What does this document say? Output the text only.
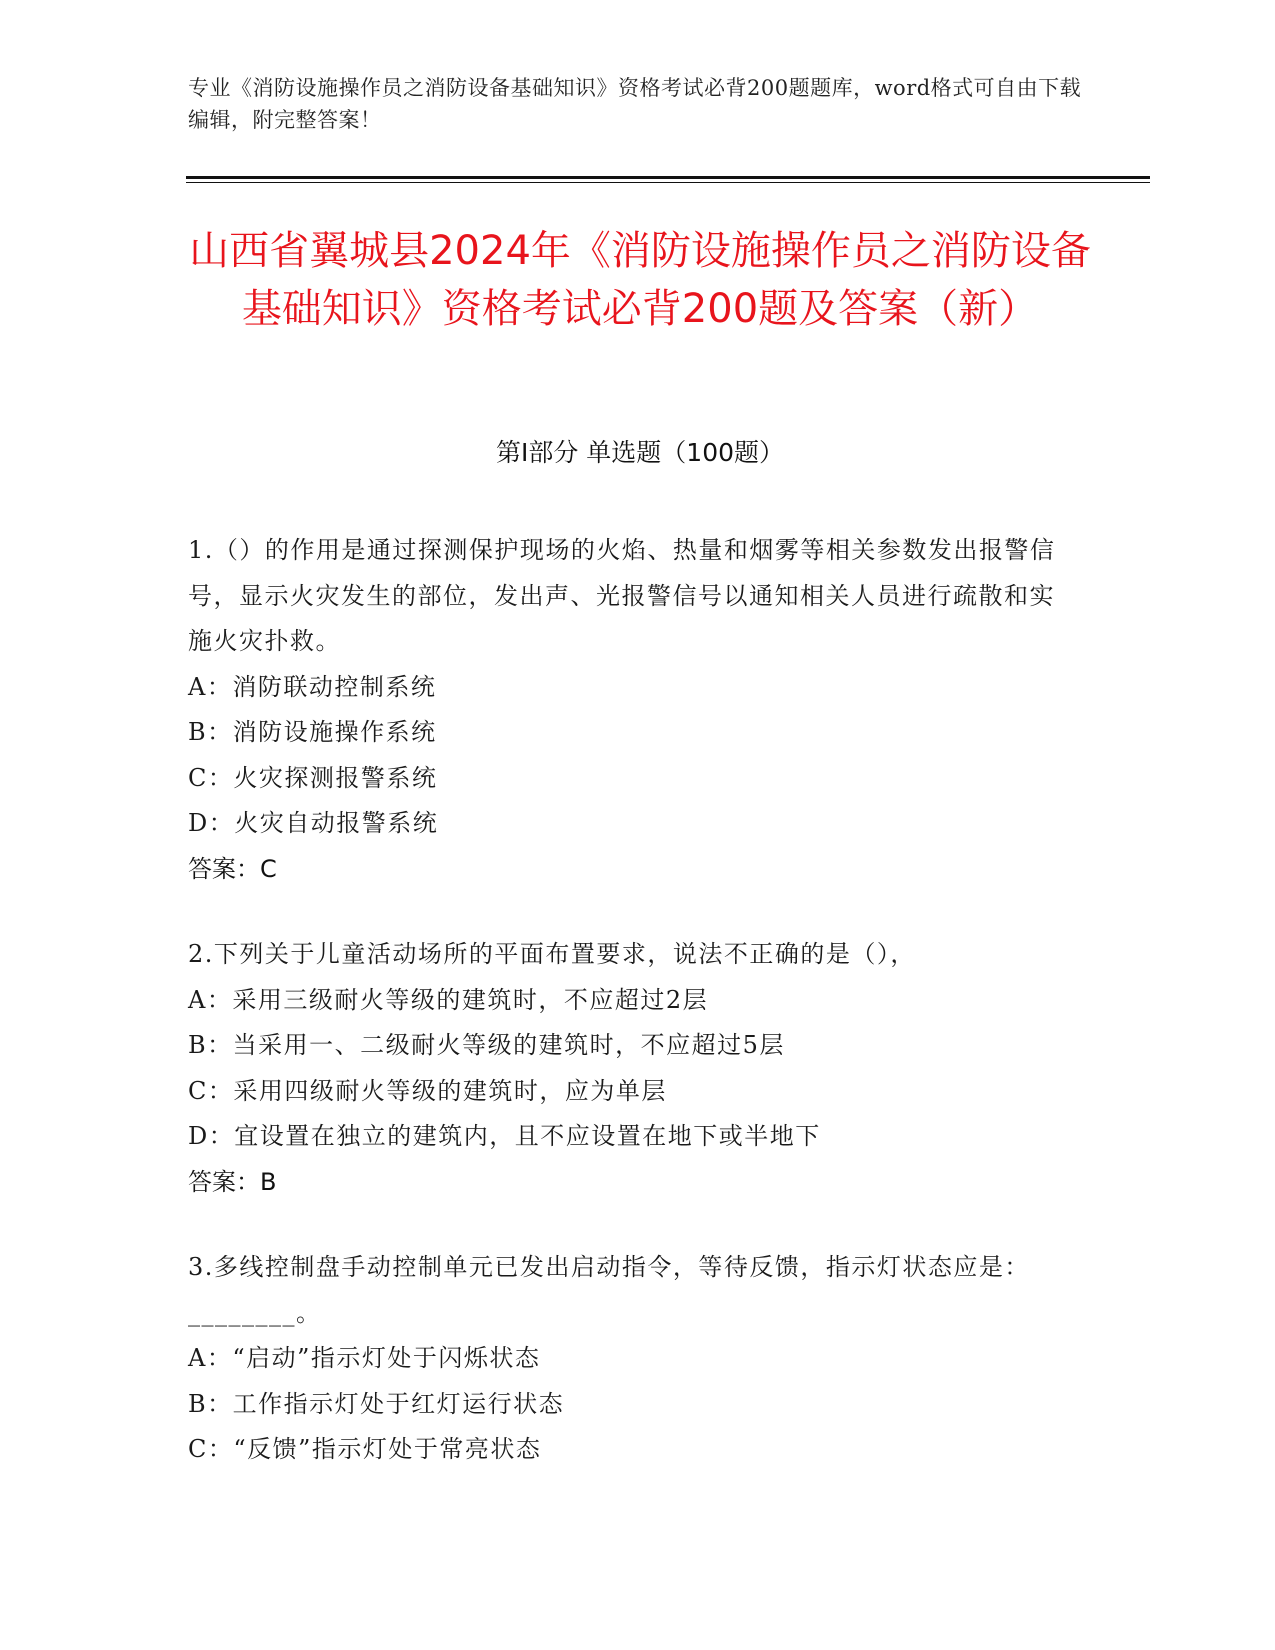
专业《消防设施操作员之消防设备基础知识》资格考试必背200题题库，word格式可自由下载编辑，附完整答案！
山西省翼城县2024年《消防设施操作员之消防设备基础知识》资格考试必背200题及答案（新）
第I部分 单选题（100题）
1.（）的作用是通过探测保护现场的火焰、热量和烟雾等相关参数发出报警信号，显示火灾发生的部位，发出声、光报警信号以通知相关人员进行疏散和实施火灾扑救。
A：消防联动控制系统
B：消防设施操作系统
C：火灾探测报警系统
D：火灾自动报警系统
答案：C
2.下列关于儿童活动场所的平面布置要求，说法不正确的是（），
A：采用三级耐火等级的建筑时，不应超过2层
B：当采用一、二级耐火等级的建筑时，不应超过5层
C：采用四级耐火等级的建筑时，应为单层
D：宜设置在独立的建筑内，且不应设置在地下或半地下
答案：B
3.多线控制盘手动控制单元已发出启动指令，等待反馈，指示灯状态应是：________。
A：“启动”指示灯处于闪烁状态
B：工作指示灯处于红灯运行状态
C：“反馈”指示灯处于常亮状态
